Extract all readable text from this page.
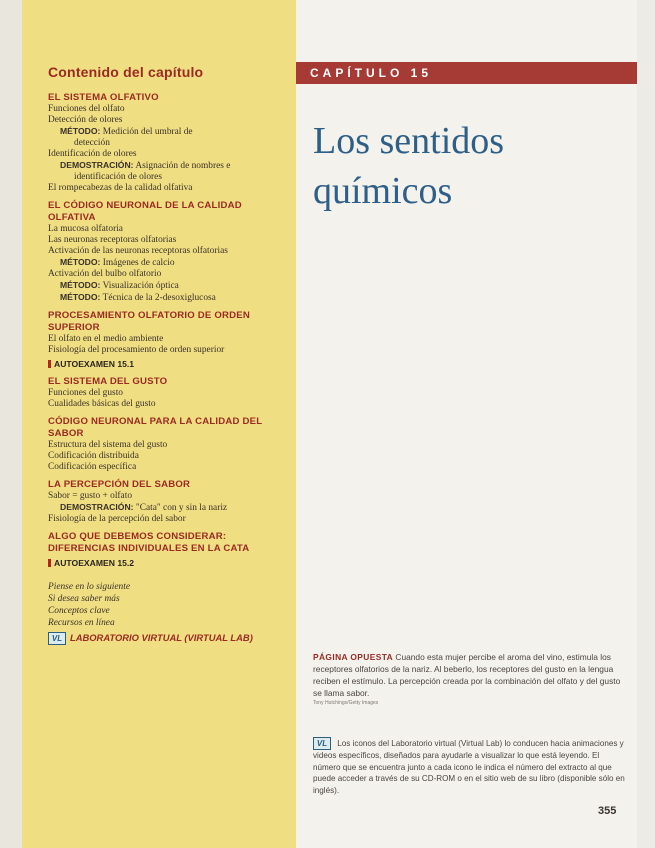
Contenido del capítulo
EL SISTEMA OLFATIVO
Funciones del olfato
Detección de olores
MÉTODO: Medición del umbral de
detección
Identificación de olores
DEMOSTRACIÓN: Asignación de nombres e
identificación de olores
El rompecabezas de la calidad olfativa
EL CÓDIGO NEURONAL DE LA CALIDAD OLFATIVA
La mucosa olfatoria
Las neuronas receptoras olfatorias
Activación de las neuronas receptoras olfatorias
MÉTODO: Imágenes de calcio
Activación del bulbo olfatorio
MÉTODO: Visualización óptica
MÉTODO: Técnica de la 2-desoxiglucosa
PROCESAMIENTO OLFATORIO DE ORDEN SUPERIOR
El olfato en el medio ambiente
Fisiología del procesamiento de orden superior
AUTOEXAMEN 15.1
EL SISTEMA DEL GUSTO
Funciones del gusto
Cualidades básicas del gusto
CÓDIGO NEURONAL PARA LA CALIDAD DEL SABOR
Estructura del sistema del gusto
Codificación distribuida
Codificación específica
LA PERCEPCIÓN DEL SABOR
Sabor = gusto + olfato
DEMOSTRACIÓN: "Cata" con y sin la nariz
Fisiología de la percepción del sabor
ALGO QUE DEBEMOS CONSIDERAR: DIFERENCIAS INDIVIDUALES EN LA CATA
AUTOEXAMEN 15.2
Piense en lo siguiente
Si desea saber más
Conceptos clave
Recursos en línea
VL LABORATORIO VIRTUAL (VIRTUAL LAB)
CAPÍTULO 15
Los sentidos
químicos
PÁGINA OPUESTA Cuando esta mujer percibe el aroma del vino, estimula los receptores olfatorios de la nariz. Al beberlo, los receptores del gusto en la lengua reciben el estímulo. La percepción creada por la combinación del olfato y del gusto se llama sabor.
Tony Hutchings/Getty Images
VL Los iconos del Laboratorio virtual (Virtual Lab) lo conducen hacia animaciones y videos específicos, diseñados para ayudarle a visualizar lo que está leyendo. El número que se encuentra junto a cada icono le indica el número del extracto al que puede acceder a través de su CD-ROM o en el sitio web de su libro (disponible sólo en inglés).
355
